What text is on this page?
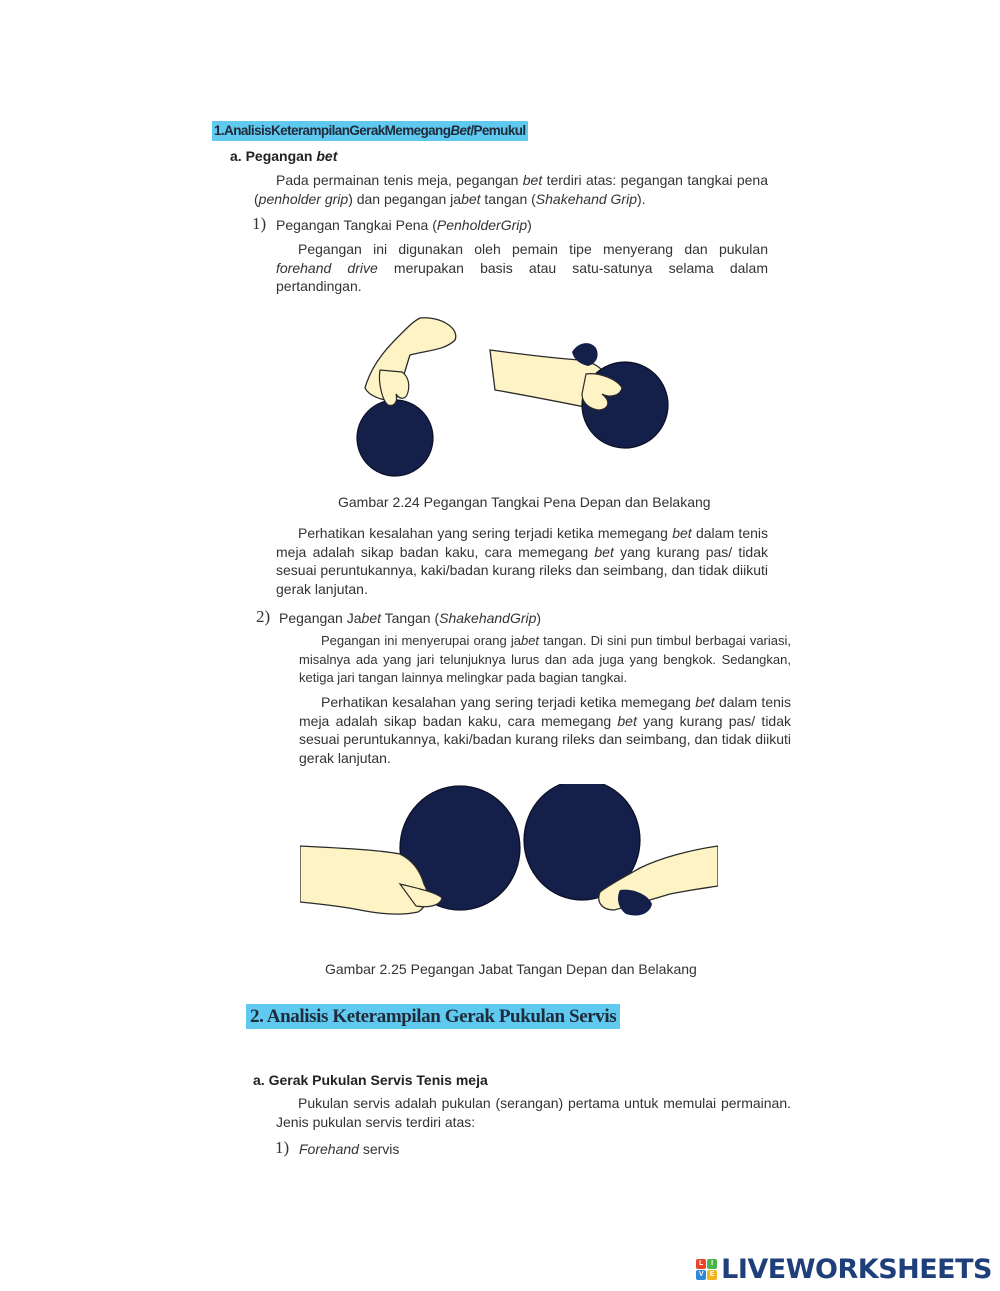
1.AnalisisKeterampilanGerakMemegangBet/Pemukul
a. Pegangan bet
Pada permainan tenis meja, pegangan bet terdiri atas: pegangan tangkai pena (penholder grip) dan pegangan jabet tangan (Shakehand Grip).
1) Pegangan Tangkai Pena (PenholderGrip)
Pegangan ini digunakan oleh pemain tipe menyerang dan pukulan forehand drive merupakan basis atau satu-satunya selama dalam pertandingan.
Gambar 2.24 Pegangan Tangkai Pena Depan dan Belakang
Perhatikan kesalahan yang sering terjadi ketika memegang bet dalam tenis meja adalah sikap badan kaku, cara memegang bet yang kurang pas/ tidak sesuai peruntukannya, kaki/badan kurang rileks dan seimbang, dan tidak diikuti gerak lanjutan.
2) Pegangan Jabet Tangan (ShakehandGrip)
Pegangan ini menyerupai orang jabet tangan. Di sini pun timbul berbagai variasi, misalnya ada yang jari telunjuknya lurus dan ada juga yang bengkok. Sedangkan, ketiga jari tangan lainnya melingkar pada bagian tangkai.
Perhatikan kesalahan yang sering terjadi ketika memegang bet dalam tenis meja adalah sikap badan kaku, cara memegang bet yang kurang pas/ tidak sesuai peruntukannya, kaki/badan kurang rileks dan seimbang, dan tidak diikuti gerak lanjutan.
Gambar 2.25 Pegangan Jabat Tangan Depan dan Belakang
2. Analisis Keterampilan Gerak Pukulan Servis
a. Gerak Pukulan Servis Tenis meja
Pukulan servis adalah pukulan (serangan) pertama untuk memulai permainan. Jenis pukulan servis terdiri atas:
1) Forehand servis
L	I
V E LIVEWORKSHEETS
